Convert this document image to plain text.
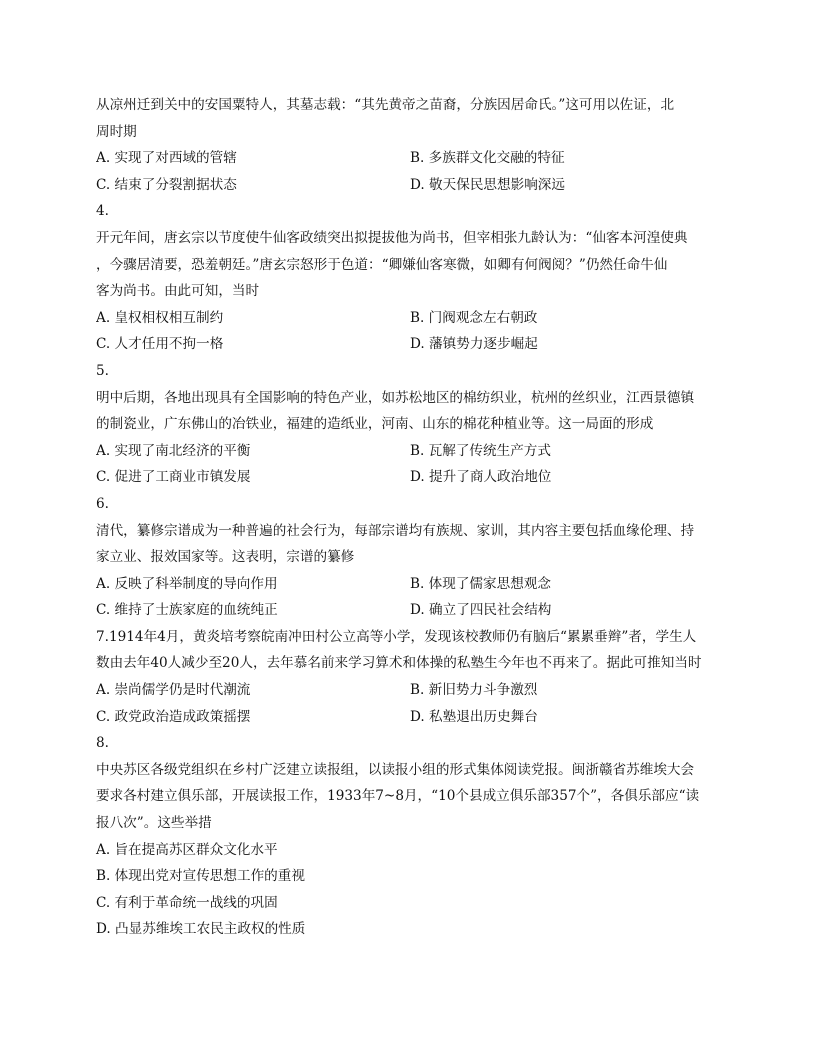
从凉州迁到关中的安国粟特人，其墓志载：“其先黄帝之苗裔，分族因居命氏。”这可用以佐证，北
周时期
A. 实现了对西域的管辖	B. 多族群文化交融的特征
C. 结束了分裂割据状态	D. 敬天保民思想影响深远
4.
开元年间，唐玄宗以节度使牛仙客政绩突出拟提拔他为尚书，但宰相张九龄认为：“仙客本河湟使典
，今骤居清要，恐羞朝廷。”唐玄宗怒形于色道：“卿嫌仙客寒微，如卿有何阀阅？”仍然任命牛仙
客为尚书。由此可知，当时
A. 皇权相权相互制约	B. 门阀观念左右朝政
C. 人才任用不拘一格	D. 藩镇势力逐步崛起
5.
明中后期，各地出现具有全国影响的特色产业，如苏松地区的棉纺织业，杭州的丝织业，江西景德镇
的制瓷业，广东佛山的冶铁业，福建的造纸业，河南、山东的棉花种植业等。这一局面的形成
A. 实现了南北经济的平衡	B. 瓦解了传统生产方式
C. 促进了工商业市镇发展	D. 提升了商人政治地位
6.
清代，纂修宗谱成为一种普遍的社会行为，每部宗谱均有族规、家训，其内容主要包括血缘伦理、持
家立业、报效国家等。这表明，宗谱的纂修
A. 反映了科举制度的导向作用	B. 体现了儒家思想观念
C. 维持了士族家庭的血统纯正	D. 确立了四民社会结构
7.1914年4月，黄炎培考察皖南冲田村公立高等小学，发现该校教师仍有脑后“累累垂辫”者，学生人
数由去年40人减少至20人，去年慕名前来学习算术和体操的私塾生今年也不再来了。据此可推知当时
A. 崇尚儒学仍是时代潮流	B. 新旧势力斗争激烈
C. 政党政治造成政策摇摆	D. 私塾退出历史舞台
8.
中央苏区各级党组织在乡村广泛建立读报组，以读报小组的形式集体阅读党报。闽浙赣省苏维埃大会
要求各村建立俱乐部，开展读报工作，1933年7~8月，“10个县成立俱乐部357个”，各俱乐部应“读
报八次”。这些举措
A. 旨在提高苏区群众文化水平
B. 体现出党对宣传思想工作的重视
C. 有利于革命统一战线的巩固
D. 凸显苏维埃工农民主政权的性质
